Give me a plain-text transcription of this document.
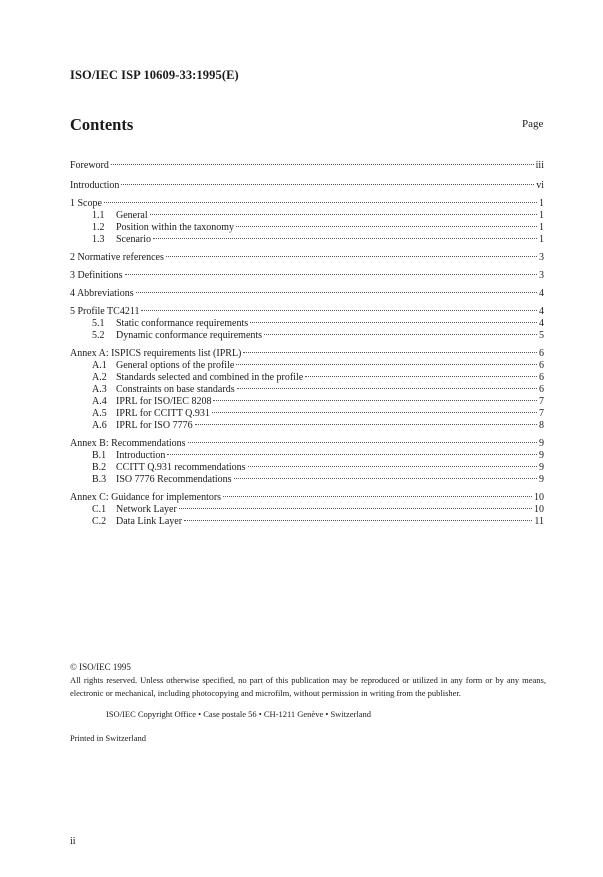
ISO/IEC ISP 10609-33:1995(E)
Contents	Page
Foreword	iii
Introduction	vi
1 Scope	1
1.1	General	1
1.2	Position within the taxonomy	1
1.3	Scenario	1
2 Normative references	3
3 Definitions	3
4 Abbreviations	4
5 Profile TC4211	4
5.1	Static conformance requirements	4
5.2	Dynamic conformance requirements	5
Annex A: ISPICS requirements list (IPRL)	6
A.1 General options of the profile	6
A.2 Standards selected and combined in the profile	6
A.3 Constraints on base standards	6
A.4 IPRL for ISO/IEC 8208	7
A.5 IPRL for CCITT Q.931	7
A.6 IPRL for ISO 7776	8
Annex B: Recommendations	9
B.1 Introduction	9
B.2 CCITT Q.931 recommendations	9
B.3 ISO 7776 Recommendations	9
Annex C: Guidance for implementors	10
C.1 Network Layer	10
C.2 Data Link Layer	11
© ISO/IEC 1995
All rights reserved. Unless otherwise specified, no part of this publication may be reproduced or utilized in any form or by any means, electronic or mechanical, including photocopying and microfilm, without permission in writing from the publisher.
ISO/IEC Copyright Office • Case postale 56 • CH-1211 Genève • Switzerland
Printed in Switzerland
ii
